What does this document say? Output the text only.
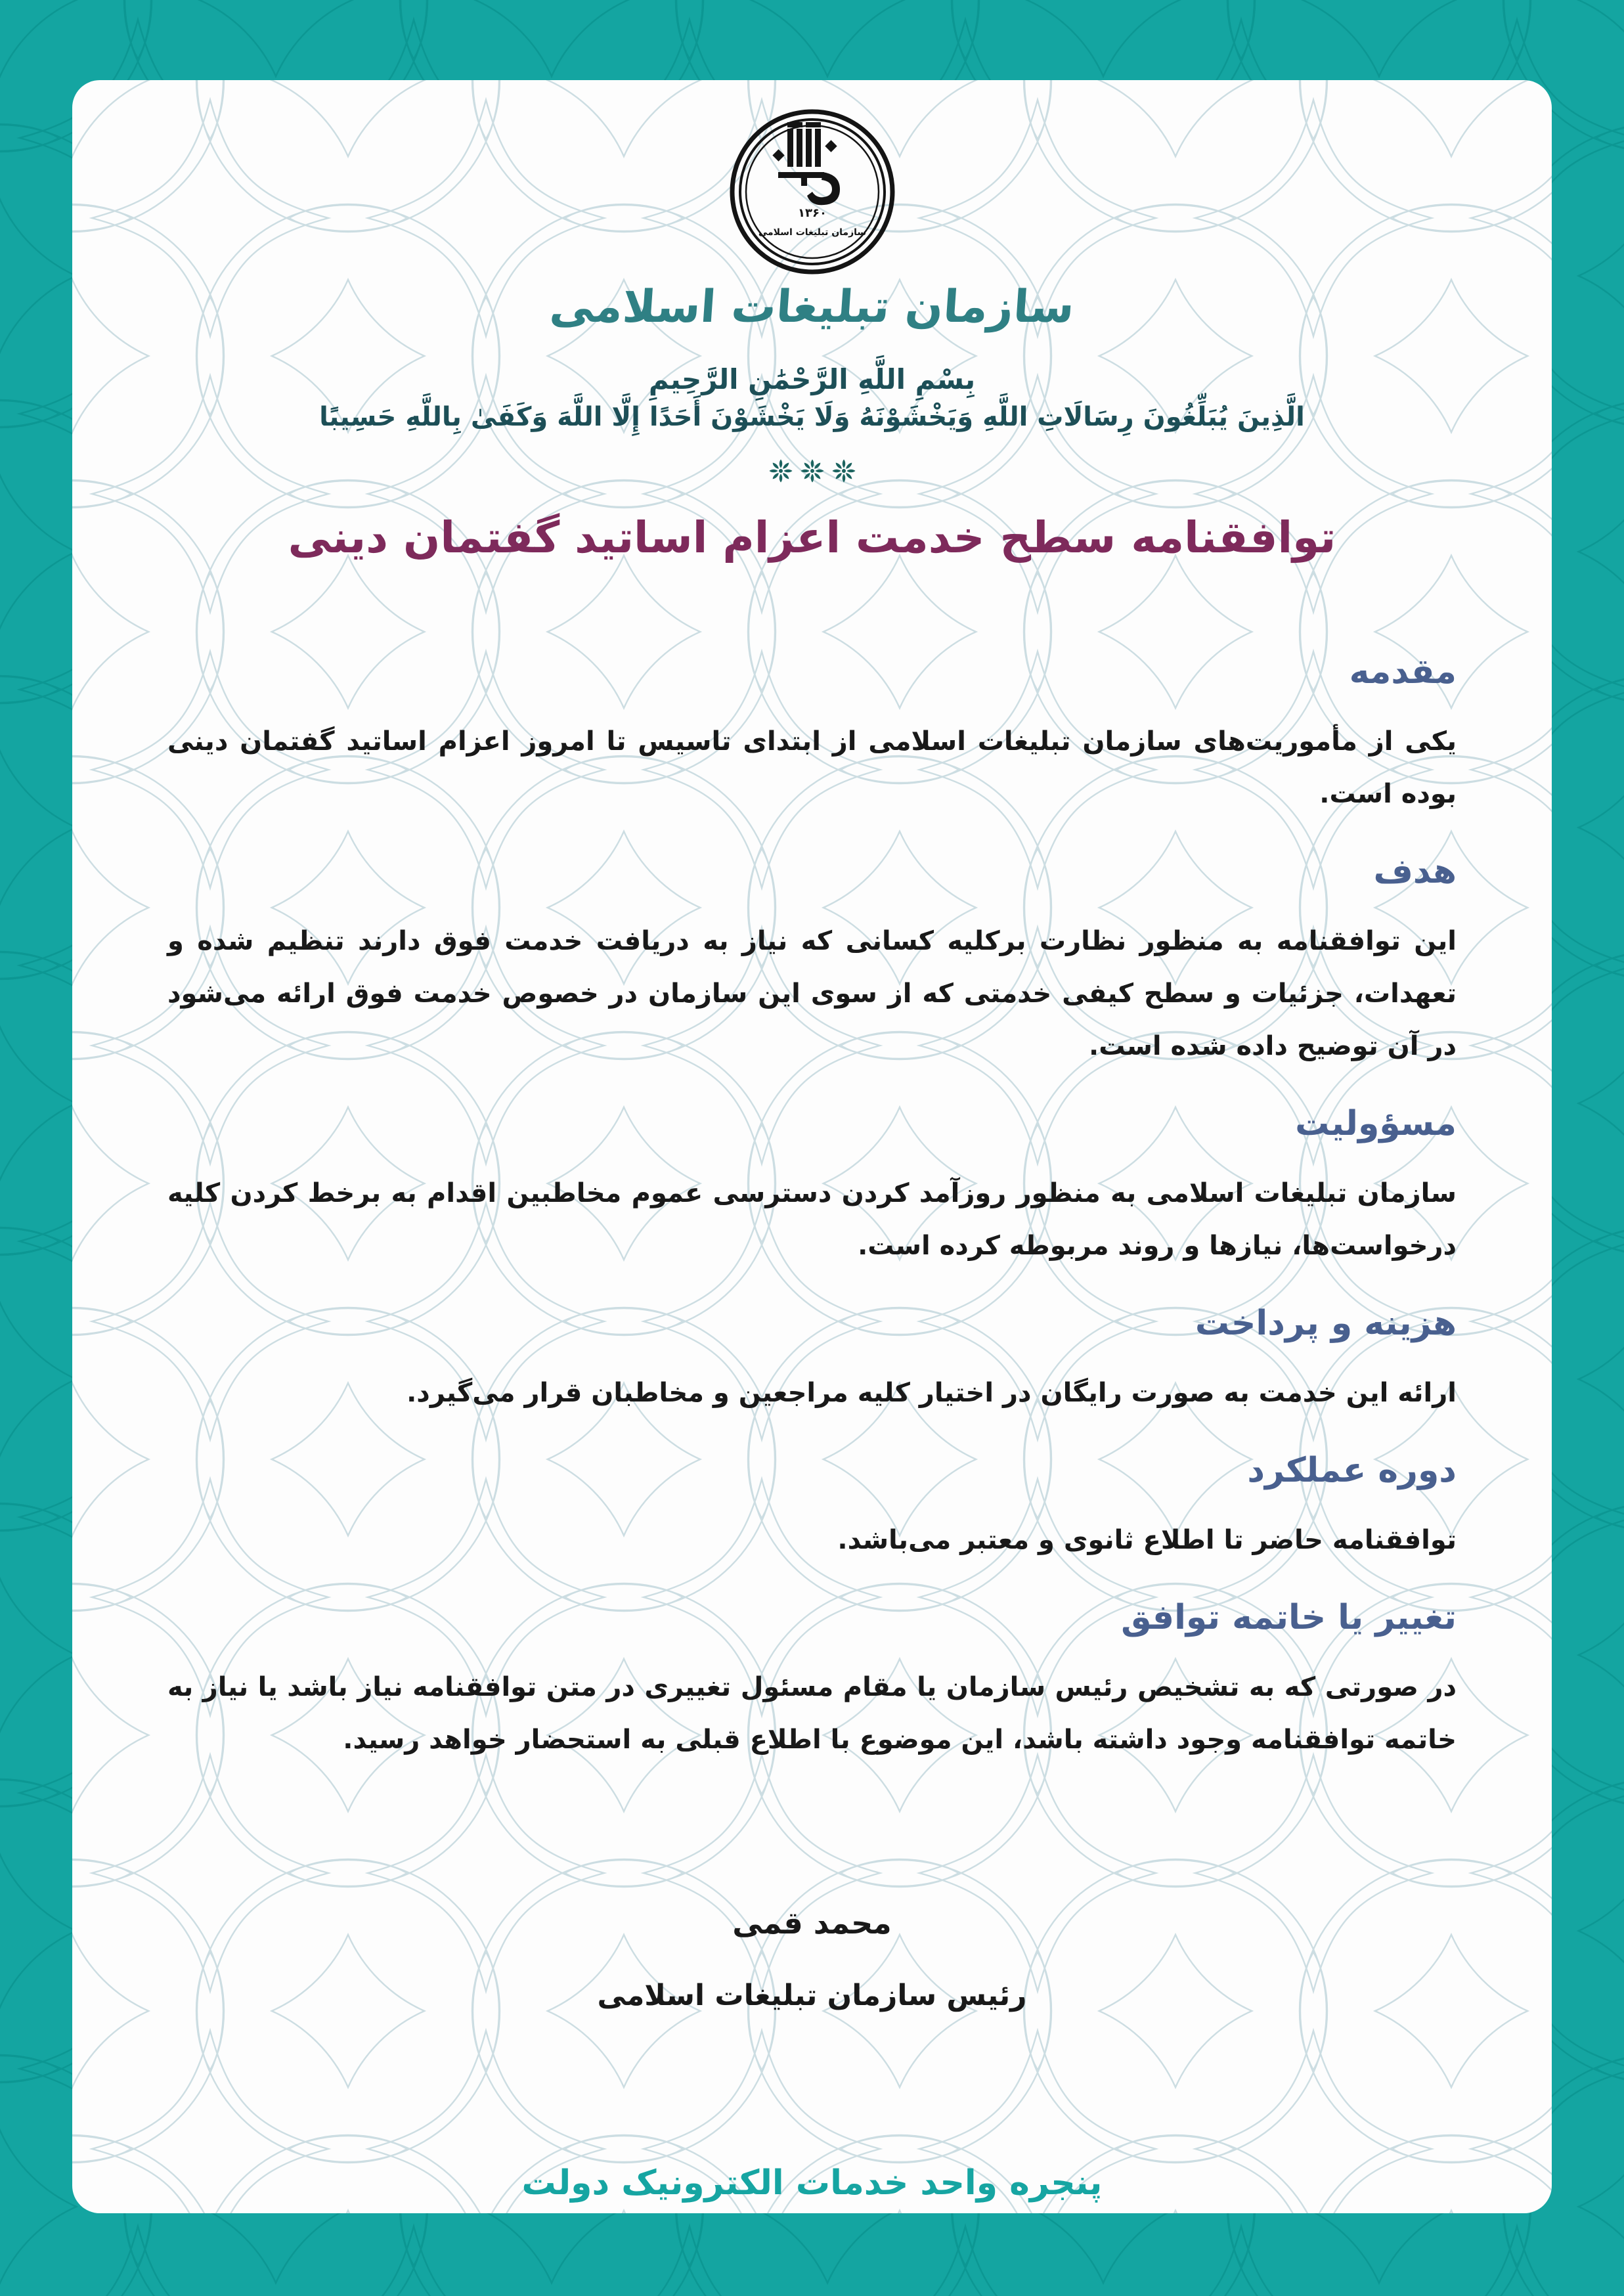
۱۳۶۰
سازمان تبلیغات اسلامی
سازمان تبلیغات اسلامی
بِسْمِ اللَّهِ الرَّحْمَٰنِ الرَّحِيمِ
الَّذِينَ يُبَلِّغُونَ رِسَالَاتِ اللَّهِ وَيَخْشَوْنَهُ وَلَا يَخْشَوْنَ أَحَدًا إِلَّا اللَّهَ وَكَفَىٰ بِاللَّهِ حَسِيبًا
توافقنامه سطح خدمت اعزام اساتید گفتمان دینی
مقدمه

یکی از مأموریت‌های سازمان تبلیغات اسلامی از ابتدای تاسیس تا امروز اعزام اساتید گفتمان دینی بوده است.

هدف

این توافقنامه به منظور نظارت برکلیه کسانی که نیاز به دریافت خدمت فوق دارند تنظیم شده و تعهدات، جزئیات و سطح کیفی خدمتی که از سوی این سازمان در خصوص خدمت فوق ارائه می‌شود در آن توضیح داده شده است.

مسؤولیت

سازمان تبلیغات اسلامی به منظور روزآمد کردن دسترسی عموم مخاطبین اقدام به برخط کردن کلیه درخواست‌ها، نیازها و روند مربوطه کرده است.

هزینه و پرداخت

ارائه این خدمت به صورت رایگان در اختیار کلیه مراجعین و مخاطبان قرار می‌گیرد.

دوره عملکرد

توافقنامه حاضر تا اطلاع ثانوی و معتبر می‌باشد.

تغییر یا خاتمه توافق

در صورتی که به تشخیص رئیس سازمان یا مقام مسئول تغییری در متن توافقنامه نیاز باشد یا نیاز به خاتمه توافقنامه وجود داشته باشد، این موضوع با اطلاع قبلی به استحضار خواهد رسید.

محمد قمی
رئیس سازمان تبلیغات اسلامی
پنجره واحد خدمات الکترونیک دولت
